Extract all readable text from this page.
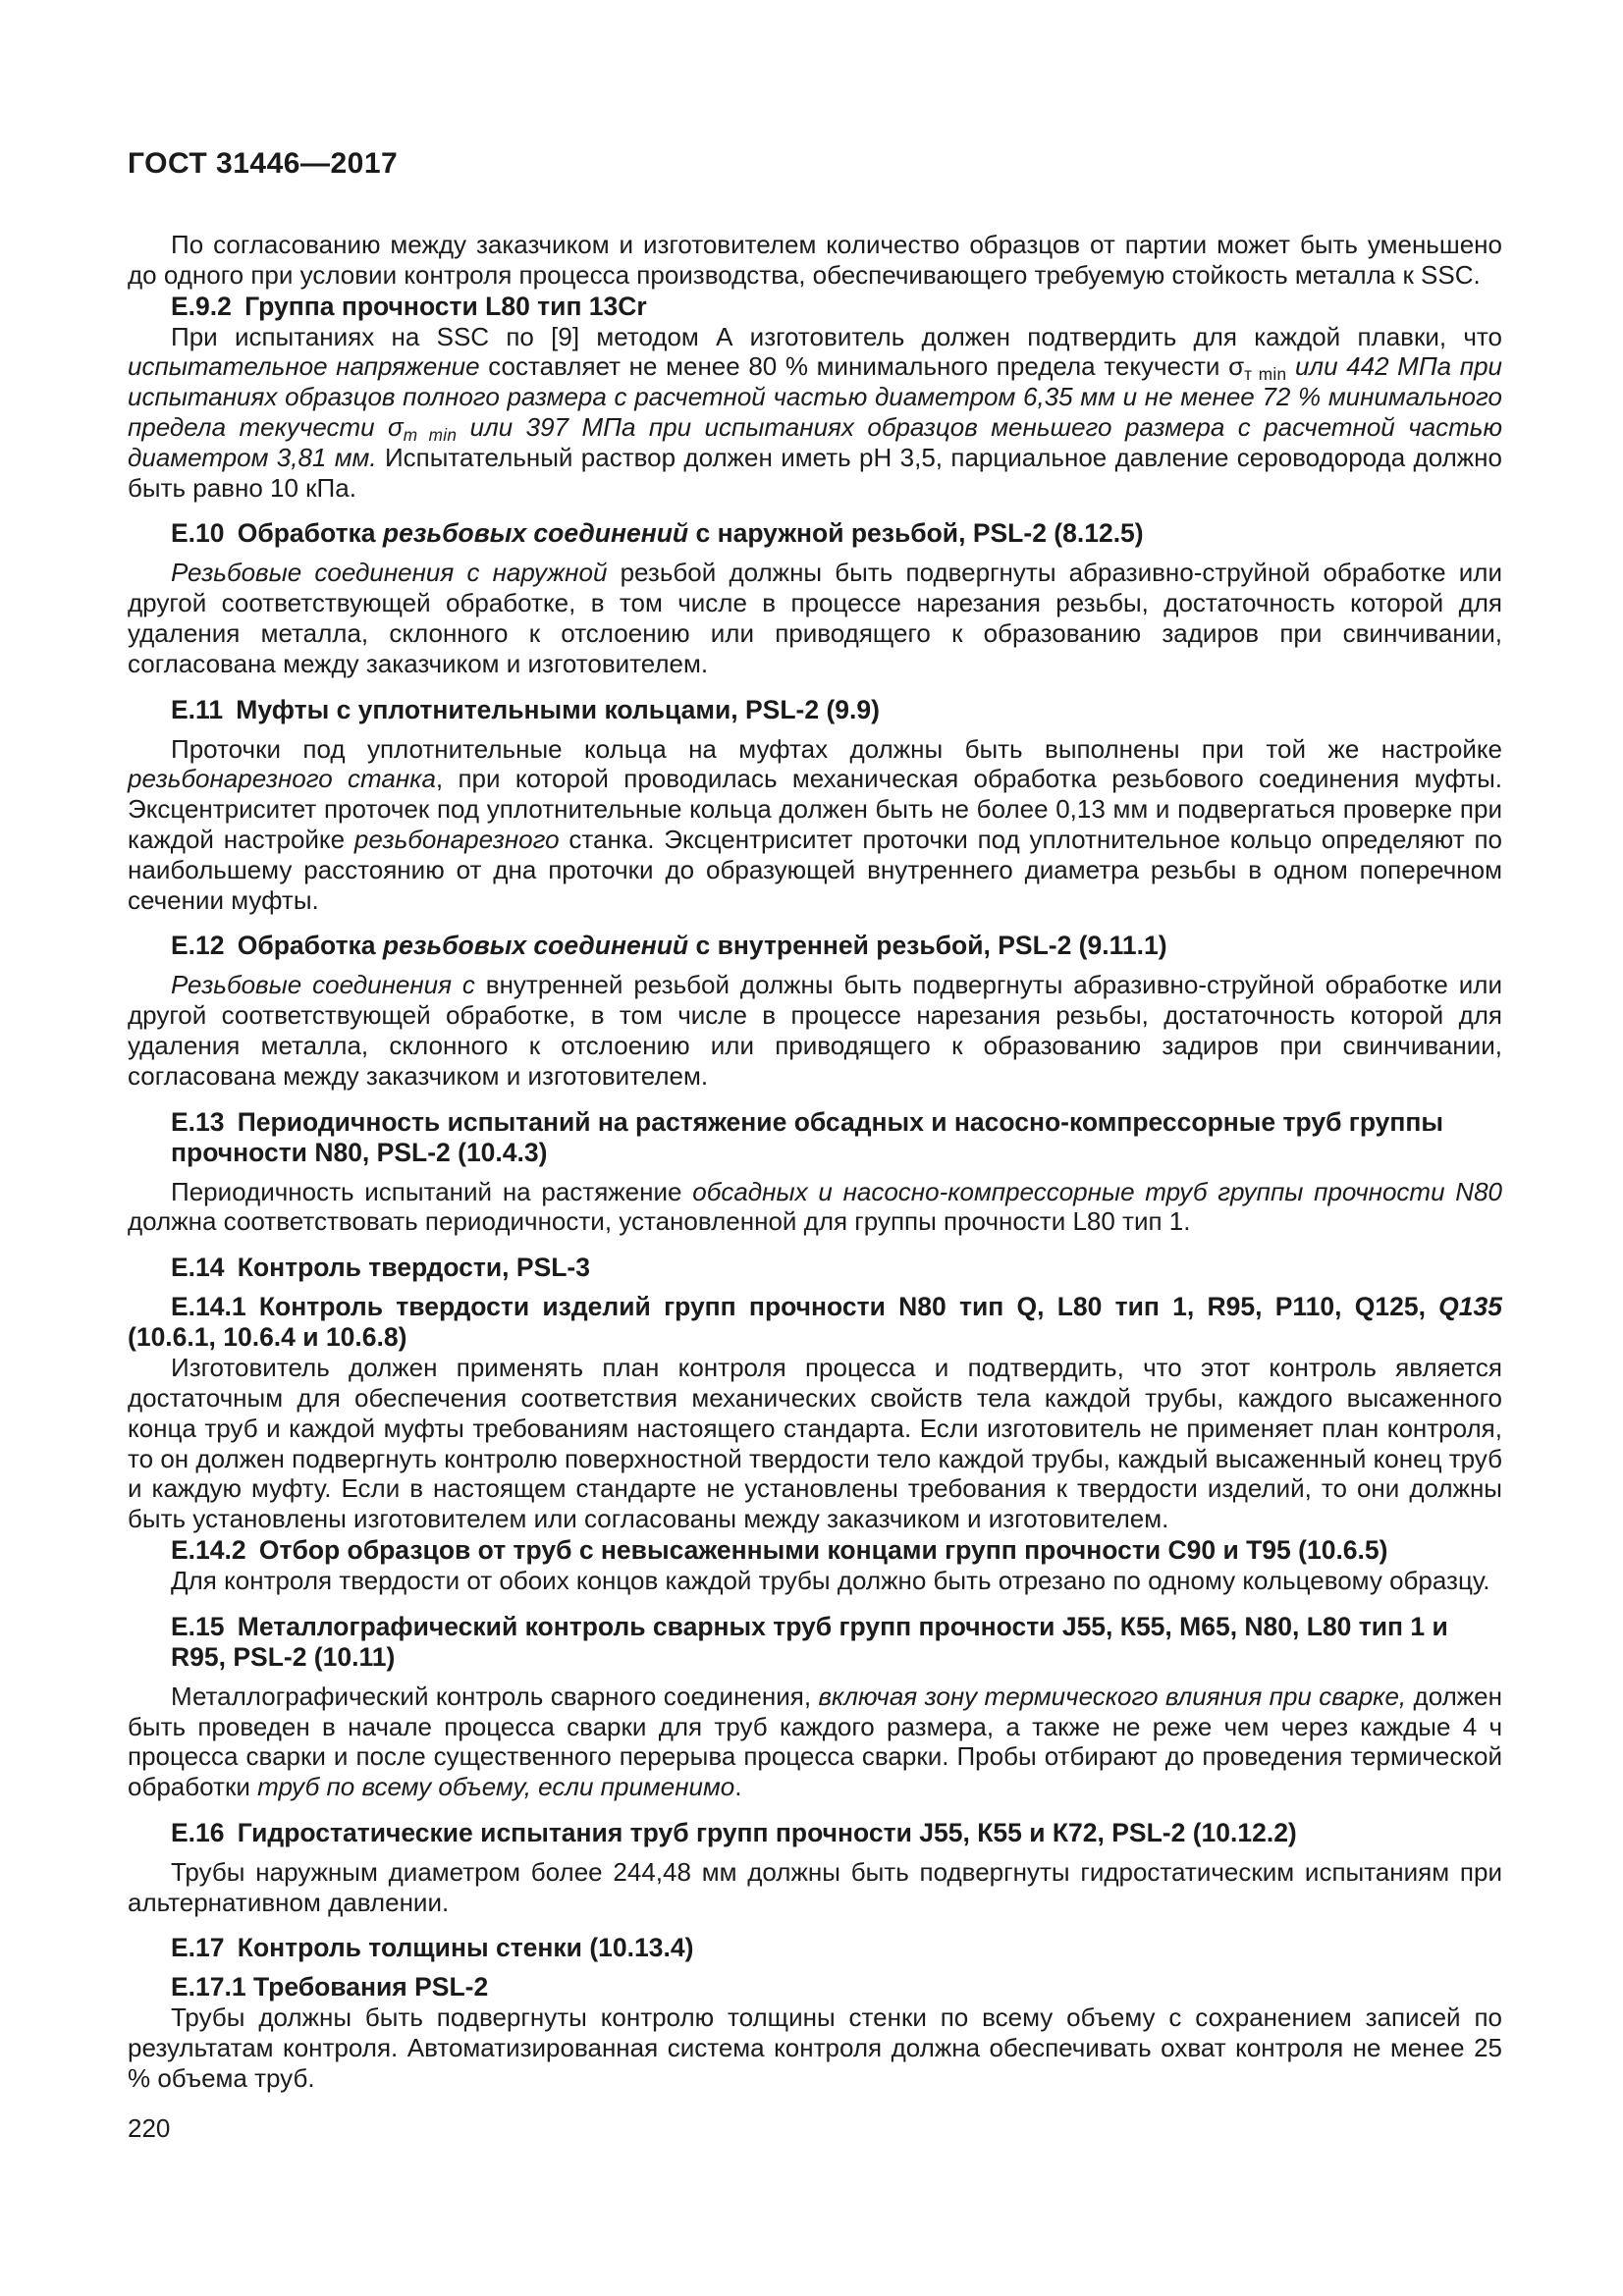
ГОСТ 31446—2017

По согласованию между заказчиком и изготовителем количество образцов от партии может быть уменьшено до одного при условии контроля процесса производства, обеспечивающего требуемую стойкость металла к SSC.

Е.9.2 Группа прочности L80 тип 13Cr

При испытаниях на SSC по [9] методом А изготовитель должен подтвердить для каждой плавки, что испытательное напряжение составляет не менее 80 % минимального предела текучести $\sigma_{т min}$ или 442 МПа при испытаниях образцов полного размера с расчетной частью диаметром 6,35 мм и не менее 72 % минимального предела текучести $\sigma_{т min}$ или 397 МПа при испытаниях образцов меньшего размера с расчетной частью диаметром 3,81 мм. Испытательный раствор должен иметь pH 3,5, парциальное давление сероводорода должно быть равно 10 кПа.

Е.10 Обработка резьбовых соединений с наружной резьбой, PSL-2 (8.12.5)

Резьбовые соединения с наружной резьбой должны быть подвергнуты абразивно-струйной обработке или другой соответствующей обработке, в том числе в процессе нарезания резьбы, достаточность которой для удаления металла, склонного к отслоению или приводящего к образованию задиров при свинчивании, согласована между заказчиком и изготовителем.

Е.11 Муфты с уплотнительными кольцами, PSL-2 (9.9)

Проточки под уплотнительные кольца на муфтах должны быть выполнены при той же настройке резьбонарезного станка, при которой проводилась механическая обработка резьбового соединения муфты. Эксцентриситет проточек под уплотнительные кольца должен быть не более 0,13 мм и подвергаться проверке при каждой настройке резьбонарезного станка. Эксцентриситет проточки под уплотнительное кольцо определяют по наибольшему расстоянию от дна проточки до образующей внутреннего диаметра резьбы в одном поперечном сечении муфты.

Е.12 Обработка резьбовых соединений с внутренней резьбой, PSL-2 (9.11.1)

Резьбовые соединения с внутренней резьбой должны быть подвергнуты абразивно-струйной обработке или другой соответствующей обработке, в том числе в процессе нарезания резьбы, достаточность которой для удаления металла, склонного к отслоению или приводящего к образованию задиров при свинчивании, согласована между заказчиком и изготовителем.

Е.13 Периодичность испытаний на растяжение обсадных и насосно-компрессорные труб группы прочности N80, PSL-2 (10.4.3)

Периодичность испытаний на растяжение обсадных и насосно-компрессорные труб группы прочности N80 должна соответствовать периодичности, установленной для группы прочности L80 тип 1.

Е.14 Контроль твердости, PSL-3

Е.14.1 Контроль твердости изделий групп прочности N80 тип Q, L80 тип 1, R95, P110, Q125, Q135 (10.6.1, 10.6.4 и 10.6.8)

Изготовитель должен применять план контроля процесса и подтвердить, что этот контроль является достаточным для обеспечения соответствия механических свойств тела каждой трубы, каждого высаженного конца труб и каждой муфты требованиям настоящего стандарта. Если изготовитель не применяет план контроля, то он должен подвергнуть контролю поверхностной твердости тело каждой трубы, каждый высаженный конец труб и каждую муфту. Если в настоящем стандарте не установлены требования к твердости изделий, то они должны быть установлены изготовителем или согласованы между заказчиком и изготовителем.

Е.14.2 Отбор образцов от труб с невысаженными концами групп прочности С90 и Т95 (10.6.5)

Для контроля твердости от обоих концов каждой трубы должно быть отрезано по одному кольцевому образцу.

Е.15 Металлографический контроль сварных труб групп прочности J55, К55, М65, N80, L80 тип 1 и R95, PSL-2 (10.11)

Металлографический контроль сварного соединения, включая зону термического влияния при сварке, должен быть проведен в начале процесса сварки для труб каждого размера, а также не реже чем через каждые 4 ч процесса сварки и после существенного перерыва процесса сварки. Пробы отбирают до проведения термической обработки труб по всему объему, если применимо.

Е.16 Гидростатические испытания труб групп прочности J55, К55 и К72, PSL-2 (10.12.2)

Трубы наружным диаметром более 244,48 мм должны быть подвергнуты гидростатическим испытаниям при альтернативном давлении.

Е.17 Контроль толщины стенки (10.13.4)

Е.17.1 Требования PSL-2

Трубы должны быть подвергнуты контролю толщины стенки по всему объему с сохранением записей по результатам контроля. Автоматизированная система контроля должна обеспечивать охват контроля не менее 25 % объема труб.

220
